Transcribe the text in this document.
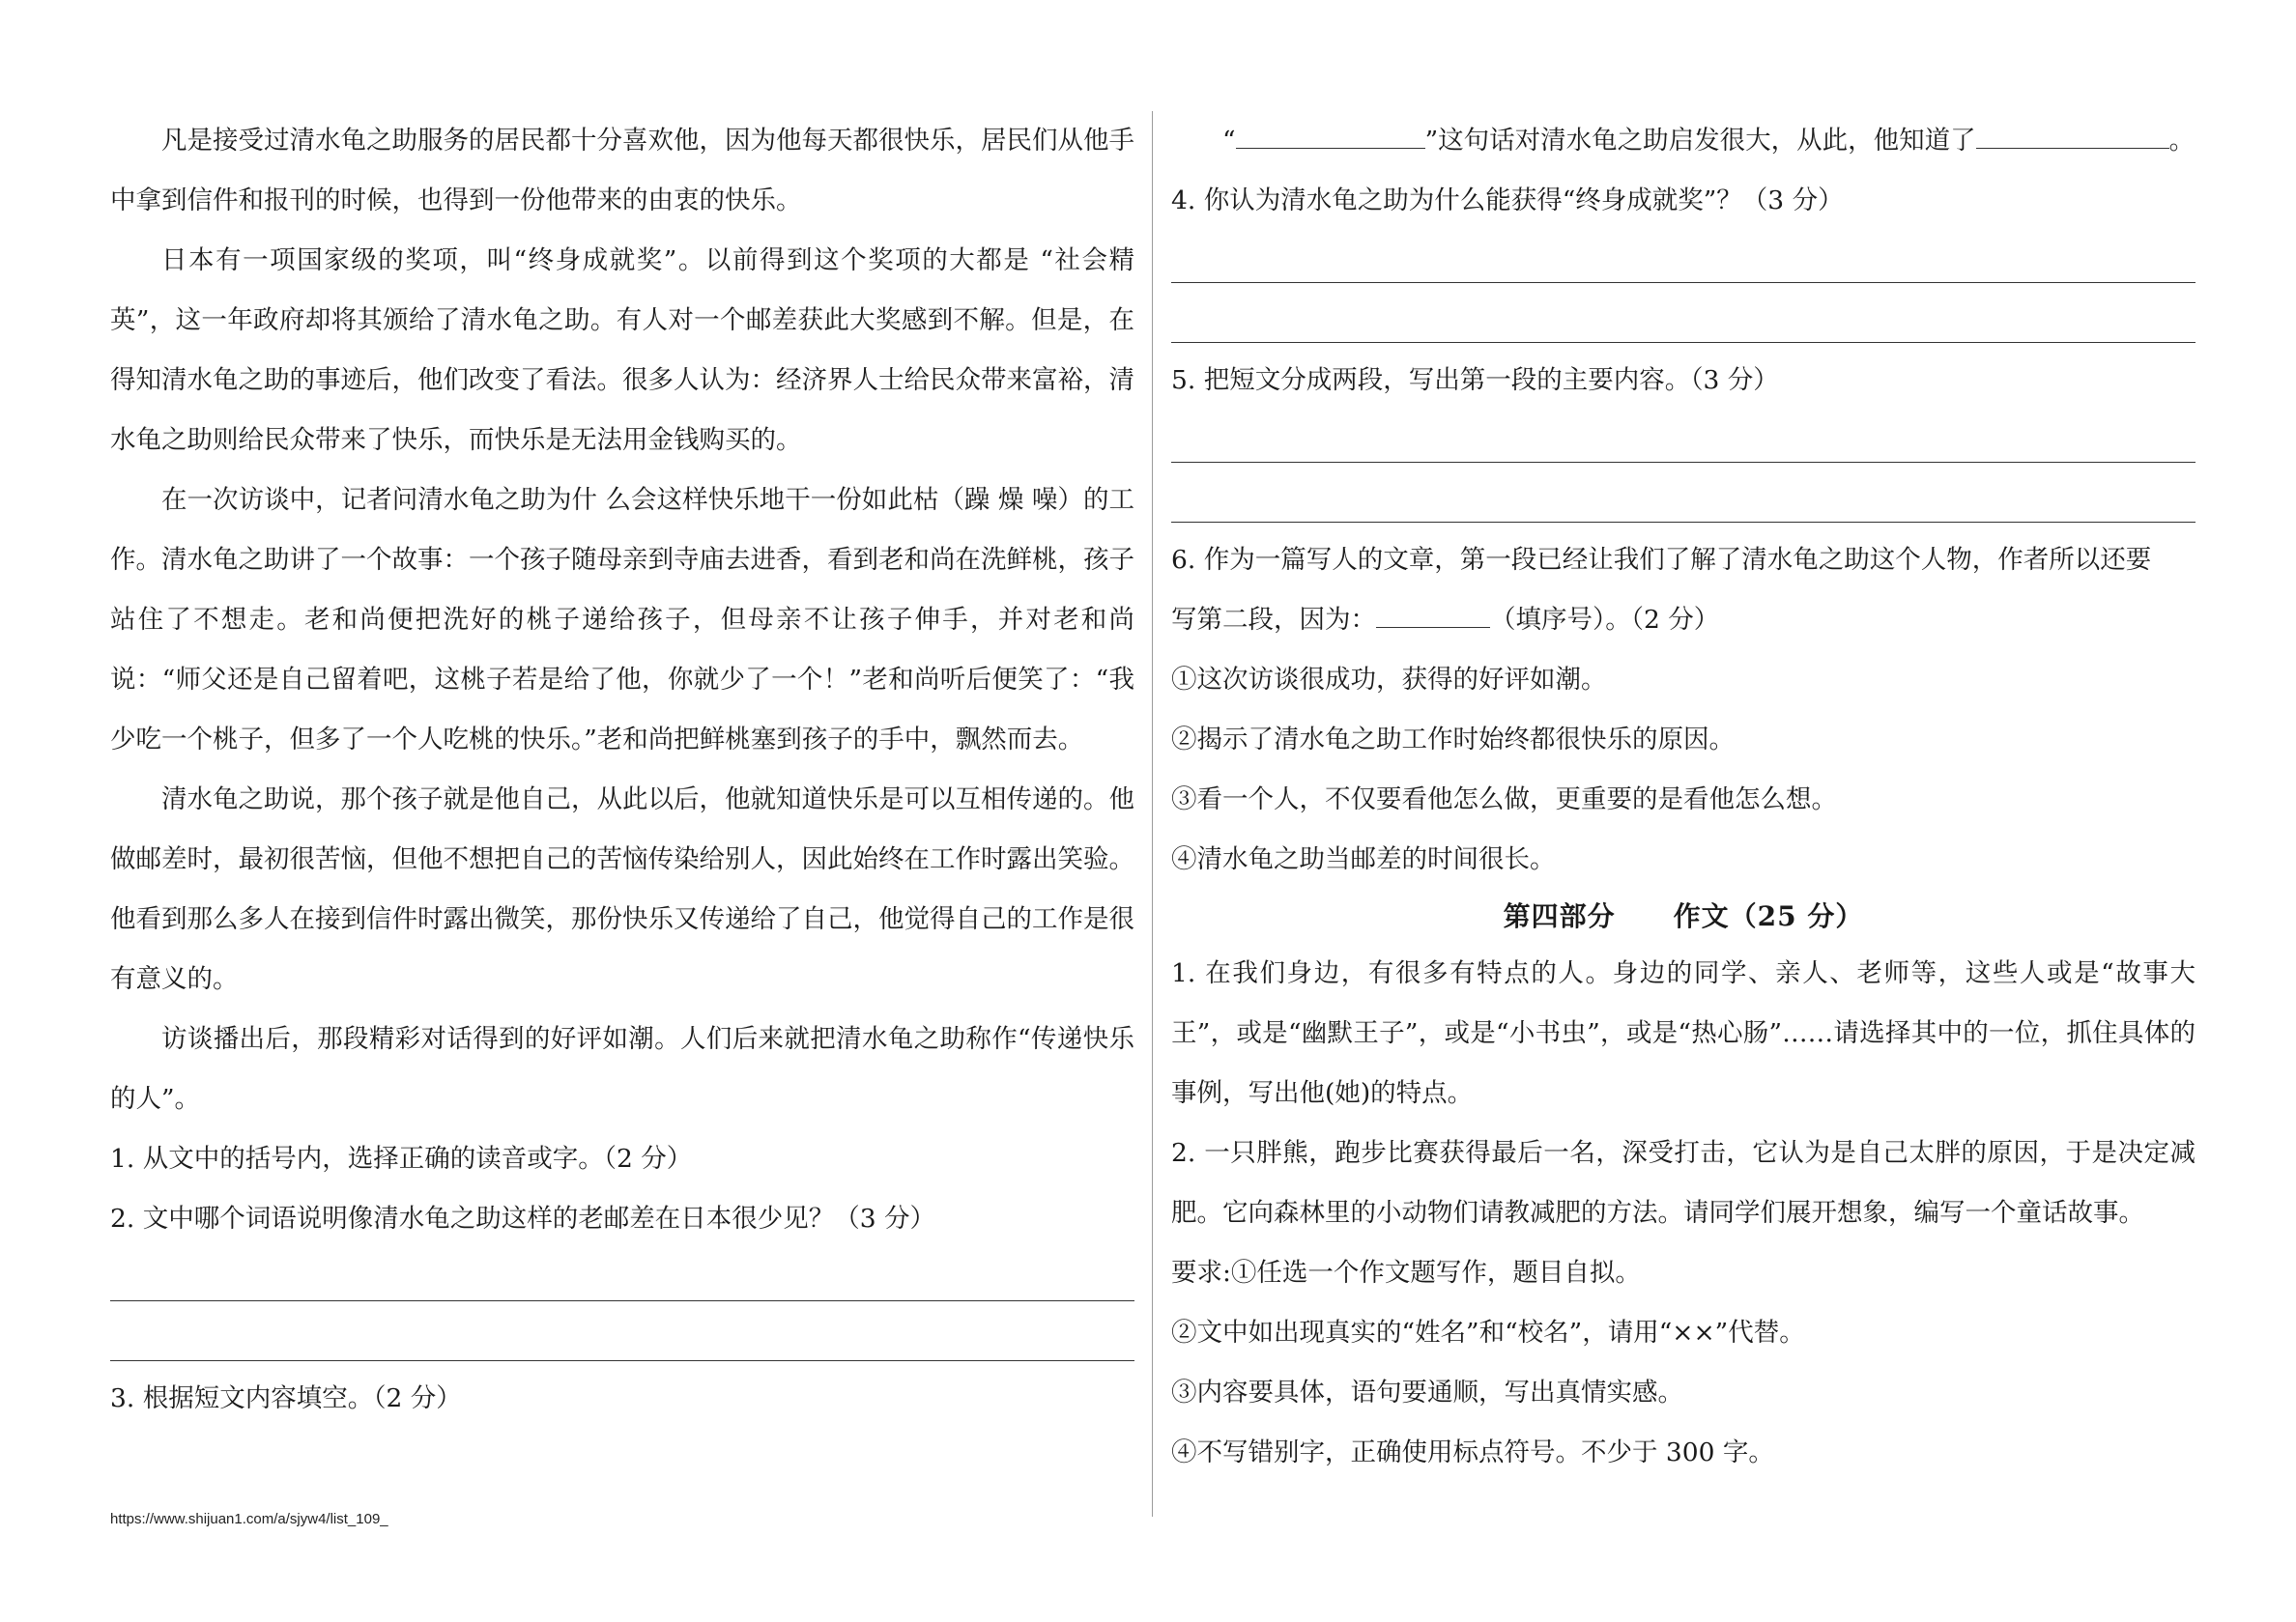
凡是接受过清水龟之助服务的居民都十分喜欢他，因为他每天都很快乐，居民们从他手中拿到信件和报刊的时候，也得到一份他带来的由衷的快乐。

日本有一项国家级的奖项，叫“终身成就奖”。以前得到这个奖项的大都是 “社会精英”，这一年政府却将其颁给了清水龟之助。有人对一个邮差获此大奖感到不解。但是，在得知清水龟之助的事迹后，他们改变了看法。很多人认为：经济界人士给民众带来富裕，清水龟之助则给民众带来了快乐，而快乐是无法用金钱购买的。

在一次访谈中，记者问清水龟之助为什 么会这样快乐地干一份如此枯（躁 燥 噪）的工作。清水龟之助讲了一个故事：一个孩子随母亲到寺庙去进香，看到老和尚在洗鲜桃，孩子站住了不想走。老和尚便把洗好的桃子递给孩子，但母亲不让孩子伸手，并对老和尚说：“师父还是自己留着吧，这桃子若是给了他，你就少了一个！”老和尚听后便笑了：“我少吃一个桃子，但多了一个人吃桃的快乐。”老和尚把鲜桃塞到孩子的手中，飘然而去。

清水龟之助说，那个孩子就是他自己，从此以后，他就知道快乐是可以互相传递的。他做邮差时，最初很苦恼，但他不想把自己的苦恼传染给别人，因此始终在工作时露出笑验。他看到那么多人在接到信件时露出微笑，那份快乐又传递给了自己，他觉得自己的工作是很有意义的。

访谈播出后，那段精彩对话得到的好评如潮。人们后来就把清水龟之助称作“传递快乐的人”。

1. 从文中的括号内，选择正确的读音或字。（2 分）

2. 文中哪个词语说明像清水龟之助这样的老邮差在日本很少见？（3 分）

3. 根据短文内容填空。（2 分）

“	”这句话对清水龟之助启发很大，从此，他知道了	。

4. 你认为清水龟之助为什么能获得“终身成就奖”？（3 分）

5. 把短文分成两段，写出第一段的主要内容。（3 分）

6. 作为一篇写人的文章，第一段已经让我们了解了清水龟之助这个人物，作者所以还要

写第二段，因为：	（填序号）。（2 分）

①这次访谈很成功，获得的好评如潮。

②揭示了清水龟之助工作时始终都很快乐的原因。

③看一个人，不仅要看他怎么做，更重要的是看他怎么想。

④清水龟之助当邮差的时间很长。

第四部分 作文（25 分）

1. 在我们身边，有很多有特点的人。身边的同学、亲人、老师等，这些人或是“故事大王”，或是“幽默王子”，或是“小书虫”，或是“热心肠”……请选择其中的一位，抓住具体的事例，写出他(她)的特点。

2. 一只胖熊，跑步比赛获得最后一名，深受打击，它认为是自己太胖的原因，于是决定减肥。它向森林里的小动物们请教减肥的方法。请同学们展开想象，编写一个童话故事。

要求:①任选一个作文题写作，题目自拟。

②文中如出现真实的“姓名”和“校名”，请用“××”代替。

③内容要具体，语句要通顺，写出真情实感。

④不写错别字，正确使用标点符号。不少于 300 字。

https://www.shijuan1.com/a/sjyw4/list_109_
